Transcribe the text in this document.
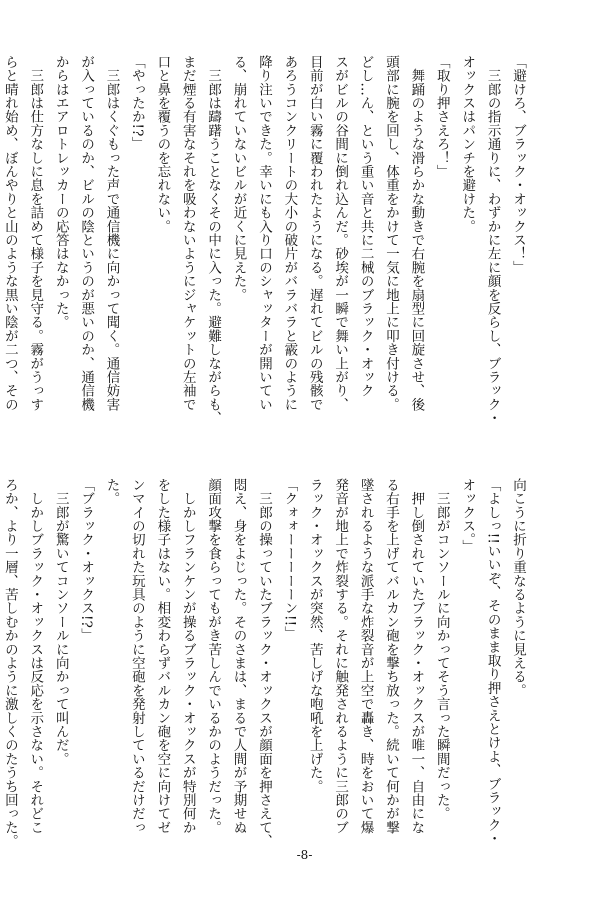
「避けろ、ブラック・オックス！」
　三郎の指示通りに、わずかに左に顔を反らし、ブラック・
オックスはパンチを避けた。
「取り押さえろ！」
　舞踊のような滑らかな動きで右腕を扇型に回旋させ、後
頭部に腕を回し、体重をかけて一気に地上に叩き付ける。
どし…ん、という重い音と共に二械のブラック・オック
スがビルの谷間に倒れ込んだ。砂埃が一瞬で舞い上がり、
目前が白い霧に覆われたようになる。遅れてビルの残骸で
あろうコンクリートの大小の破片がバラバラと霰のように
降り注いできた。幸いにも入り口のシャッターが開いてい
る、崩れていないビルが近くに見えた。
　三郎は躊躇うことなくその中に入った。避難しながらも、
まだ煙る有害なそれを吸わないようにジャケットの左袖で
口と鼻を覆うのを忘れない。
「やったか!?」
　三郎はくぐもった声で通信機に向かって聞く。通信妨害
が入っているのか、ビルの陰というのが悪いのか、通信機
からはエアロトレッカーの応答はなかった。
　三郎は仕方なしに息を詰めて様子を見守る。霧がうっす
らと晴れ始め、ぼんやりと山のような黒い陰が二つ、その
向こうに折り重なるように見える。
「よしっ!!いいぞ、そのまま取り押さえとけよ、ブラック・
オックス。」
　三郎がコンソールに向かってそう言った瞬間だった。
　押し倒されていたブラック・オックスが唯一、自由にな
る右手を上げてバルカン砲を撃ち放った。続いて何かが撃
墜されるような派手な炸裂音が上空で轟き、時をおいて爆
発音が地上で炸裂する。それに触発されるように三郎のブ
ラック・オックスが突然、苦しげな咆吼を上げた。
「クォォーーーーーン!!」
　三郎の操っていたブラック・オックスが顔面を押さえて、
悶え、身をよじった。そのさまは、まるで人間が予期せぬ
顔面攻撃を食らってもがき苦しんでいるかのようだった。
　しかしフランケンが操るブラック・オックスが特別何か
をした様子はない。相変わらずバルカン砲を空に向けてゼ
ンマイの切れた玩具のように空砲を発射しているだけだっ
た。
「ブラック・オックス!?」
　三郎が驚いてコンソールに向かって叫んだ。
　しかしブラック・オックスは反応を示さない。それどこ
ろか、より一層、苦しむかのように激しくのたうち回った。
-8-
